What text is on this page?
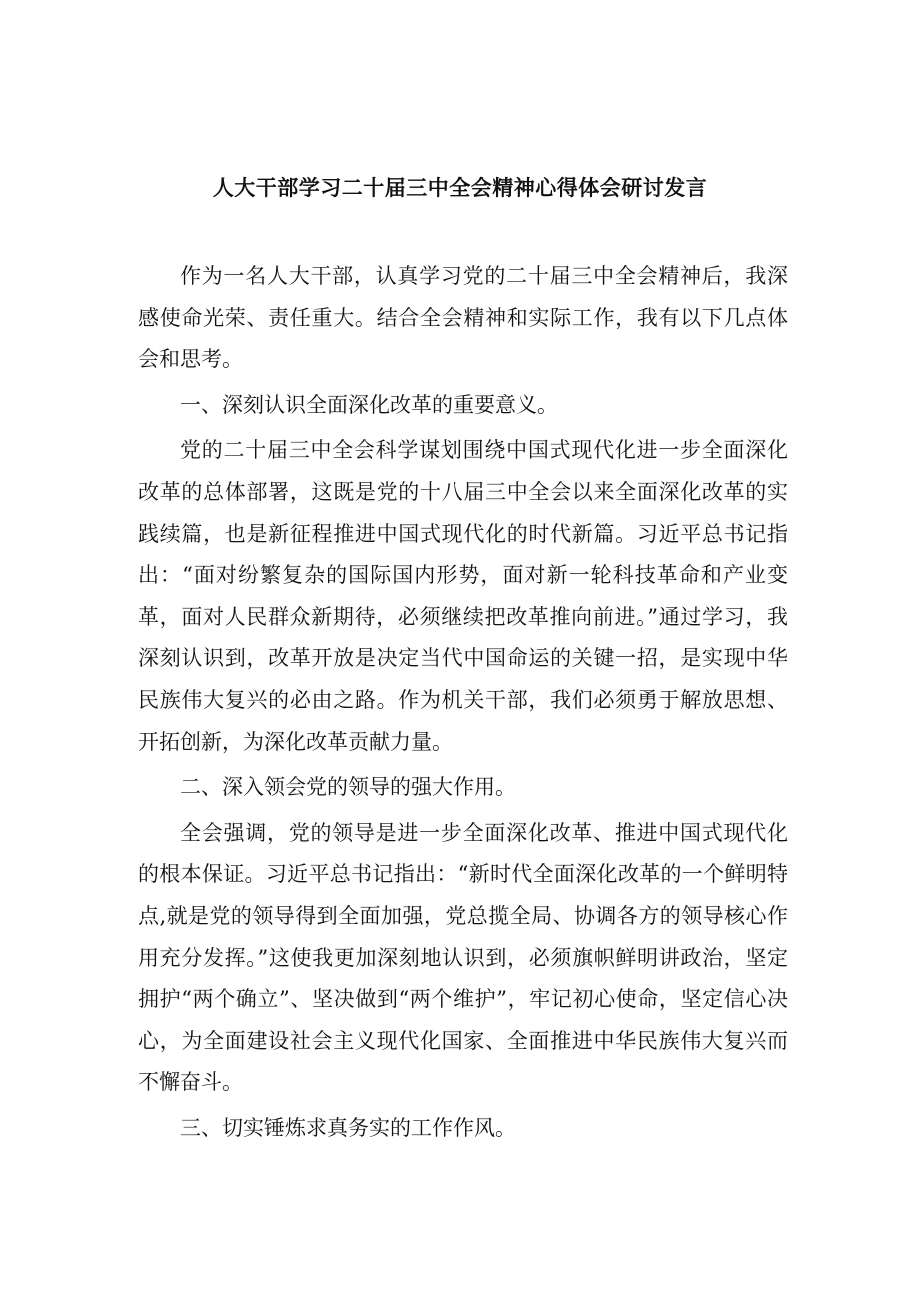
人大干部学习二十届三中全会精神心得体会研讨发言

作为一名人大干部，认真学习党的二十届三中全会精神后，我深感使命光荣、责任重大。结合全会精神和实际工作，我有以下几点体会和思考。

一、深刻认识全面深化改革的重要意义。

党的二十届三中全会科学谋划围绕中国式现代化进一步全面深化改革的总体部署，这既是党的十八届三中全会以来全面深化改革的实践续篇，也是新征程推进中国式现代化的时代新篇。习近平总书记指出：“面对纷繁复杂的国际国内形势，面对新一轮科技革命和产业变革，面对人民群众新期待，必须继续把改革推向前进。”通过学习，我深刻认识到，改革开放是决定当代中国命运的关键一招，是实现中华民族伟大复兴的必由之路。作为机关干部，我们必须勇于解放思想、开拓创新，为深化改革贡献力量。

二、深入领会党的领导的强大作用。

全会强调，党的领导是进一步全面深化改革、推进中国式现代化的根本保证。习近平总书记指出：“新时代全面深化改革的一个鲜明特点,就是党的领导得到全面加强，党总揽全局、协调各方的领导核心作用充分发挥。”这使我更加深刻地认识到，必须旗帜鲜明讲政治，坚定拥护“两个确立”、坚决做到“两个维护”，牢记初心使命，坚定信心决心，为全面建设社会主义现代化国家、全面推进中华民族伟大复兴而不懈奋斗。

三、切实锤炼求真务实的工作作风。
